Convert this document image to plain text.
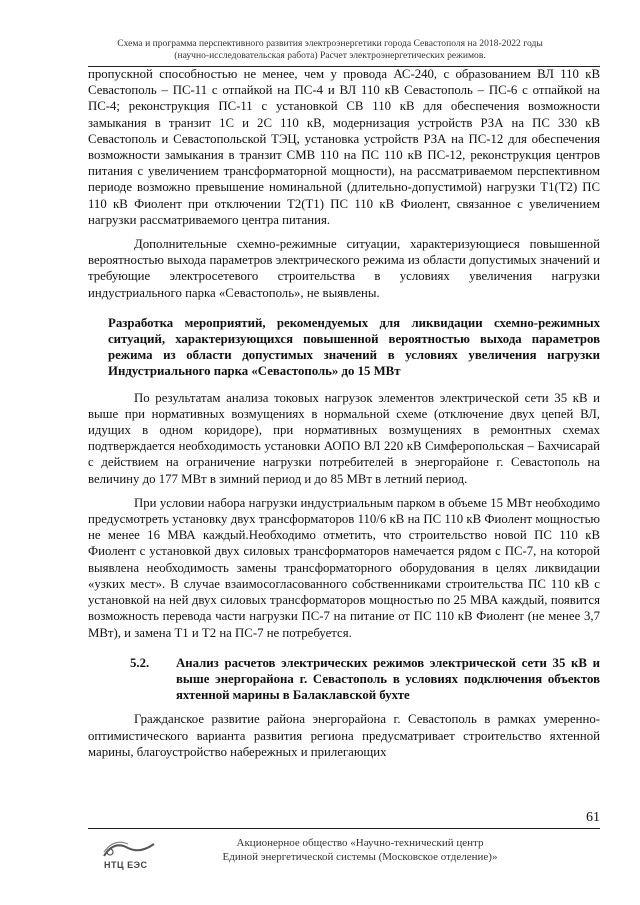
Схема и программа перспективного развития электроэнергетики города Севастополя на 2018-2022 годы
(научно-исследовательская работа) Расчет электроэнергетических режимов.

пропускной способностью не менее, чем у провода АС-240, с образованием ВЛ 110 кВ Севастополь – ПС-11 с отпайкой на ПС-4 и ВЛ 110 кВ Севастополь – ПС-6 с отпайкой на ПС-4; реконструкция ПС-11 с установкой СВ 110 кВ для обеспечения возможности замыкания в транзит 1С и 2С 110 кВ, модернизация устройств РЗА на ПС 330 кВ Севастополь и Севастопольской ТЭЦ, установка устройств РЗА на ПС-12 для обеспечения возможности замыкания в транзит СМВ 110 на ПС 110 кВ ПС-12, реконструкция центров питания с увеличением трансформаторной мощности), на рассматриваемом перспективном периоде возможно превышение номинальной (длительно-допустимой) нагрузки Т1(Т2) ПС 110 кВ Фиолент при отключении Т2(Т1) ПС 110 кВ Фиолент, связанное с увеличением нагрузки рассматриваемого центра питания.

Дополнительные схемно-режимные ситуации, характеризующиеся повышенной вероятностью выхода параметров электрического режима из области допустимых значений и требующие электросетевого строительства в условиях увеличения нагрузки индустриального парка «Севастополь», не выявлены.

Разработка мероприятий, рекомендуемых для ликвидации схемно-режимных ситуаций, характеризующихся повышенной вероятностью выхода параметров режима из области допустимых значений в условиях увеличения нагрузки Индустриального парка «Севастополь» до 15 МВт

По результатам анализа токовых нагрузок элементов электрической сети 35 кВ и выше при нормативных возмущениях в нормальной схеме (отключение двух цепей ВЛ, идущих в одном коридоре), при нормативных возмущениях в ремонтных схемах подтверждается необходимость установки АОПО ВЛ 220 кВ Симферопольская – Бахчисарай с действием на ограничение нагрузки потребителей в энергорайоне г. Севастополь на величину до 177 МВт в зимний период и до 85 МВт в летний период.

При условии набора нагрузки индустриальным парком в объеме 15 МВт необходимо предусмотреть установку двух трансформаторов 110/6 кВ на ПС 110 кВ Фиолент мощностью не менее 16 МВА каждый.Необходимо отметить, что строительство новой ПС 110 кВ Фиолент с установкой двух силовых трансформаторов намечается рядом с ПС-7, на которой выявлена необходимость замены трансформаторного оборудования в целях ликвидации «узких мест». В случае взаимосогласованного собственниками строительства ПС 110 кВ с установкой на ней двух силовых трансформаторов мощностью по 25 МВА каждый, появится возможность перевода части нагрузки ПС-7 на питание от ПС 110 кВ Фиолент (не менее 3,7 МВт), и замена Т1 и Т2 на ПС-7 не потребуется.

5.2.	Анализ расчетов электрических режимов электрической сети 35 кВ и выше энергорайона г. Севастополь в условиях подключения объектов яхтенной марины в Балаклавской бухте

Гражданское развитие района энергорайона г. Севастополь в рамках умеренно-оптимистического варианта развития региона предусматривает строительство яхтенной марины, благоустройство набережных и прилегающих

61
НТЦ ЕЭС
Акционерное общество «Научно-технический центр
Единой энергетической системы (Московское отделение)»
